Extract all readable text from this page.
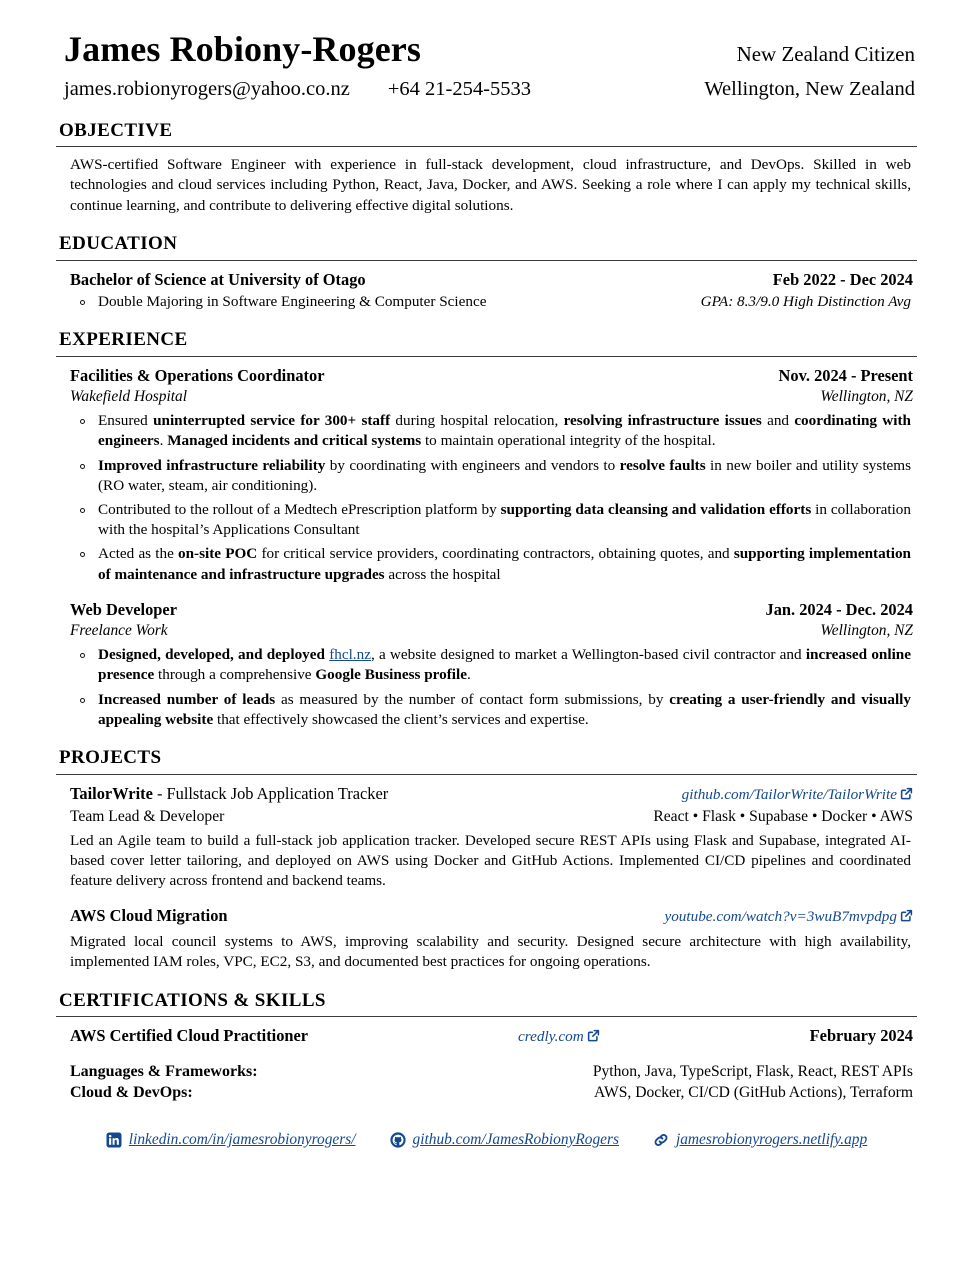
James Robiony-Rogers	New Zealand Citizen
james.robionyrogers@yahoo.co.nz +64 21-254-5533	Wellington, New Zealand
OBJECTIVE
AWS-certified Software Engineer with experience in full-stack development, cloud infrastructure, and DevOps. Skilled in web technologies and cloud services including Python, React, Java, Docker, and AWS. Seeking a role where I can apply my technical skills, continue learning, and contribute to delivering effective digital solutions.
EDUCATION
Bachelor of Science at University of Otago	Feb 2022 - Dec 2024
Double Majoring in Software Engineering & Computer Science	GPA: 8.3/9.0 High Distinction Avg
EXPERIENCE
Facilities & Operations Coordinator	Nov. 2024 - Present
Wakefield Hospital	Wellington, NZ
Ensured uninterrupted service for 300+ staff during hospital relocation, resolving infrastructure issues and coordinating with engineers. Managed incidents and critical systems to maintain operational integrity of the hospital.
Improved infrastructure reliability by coordinating with engineers and vendors to resolve faults in new boiler and utility systems (RO water, steam, air conditioning).
Contributed to the rollout of a Medtech ePrescription platform by supporting data cleansing and validation efforts in collaboration with the hospital’s Applications Consultant
Acted as the on-site POC for critical service providers, coordinating contractors, obtaining quotes, and supporting implementation of maintenance and infrastructure upgrades across the hospital
Web Developer	Jan. 2024 - Dec. 2024
Freelance Work	Wellington, NZ
Designed, developed, and deployed fhcl.nz, a website designed to market a Wellington-based civil contractor and increased online presence through a comprehensive Google Business profile.
Increased number of leads as measured by the number of contact form submissions, by creating a user-friendly and visually appealing website that effectively showcased the client’s services and expertise.
PROJECTS
TailorWrite - Fullstack Job Application Tracker	github.com/TailorWrite/TailorWrite
Team Lead & Developer	React • Flask • Supabase • Docker • AWS
Led an Agile team to build a full-stack job application tracker. Developed secure REST APIs using Flask and Supabase, integrated AI-based cover letter tailoring, and deployed on AWS using Docker and GitHub Actions. Implemented CI/CD pipelines and coordinated feature delivery across frontend and backend teams.
AWS Cloud Migration	youtube.com/watch?v=3wuB7mvpdpg
Migrated local council systems to AWS, improving scalability and security. Designed secure architecture with high availability, implemented IAM roles, VPC, EC2, S3, and documented best practices for ongoing operations.
CERTIFICATIONS & SKILLS
AWS Certified Cloud Practitioner	credly.com	February 2024
Languages & Frameworks:	Python, Java, TypeScript, Flask, React, REST APIs
Cloud & DevOps:	AWS, Docker, CI/CD (GitHub Actions), Terraform
linkedin.com/in/jamesrobionyrogers/	github.com/JamesRobionyRogers	jamesrobionyrogers.netlify.app
